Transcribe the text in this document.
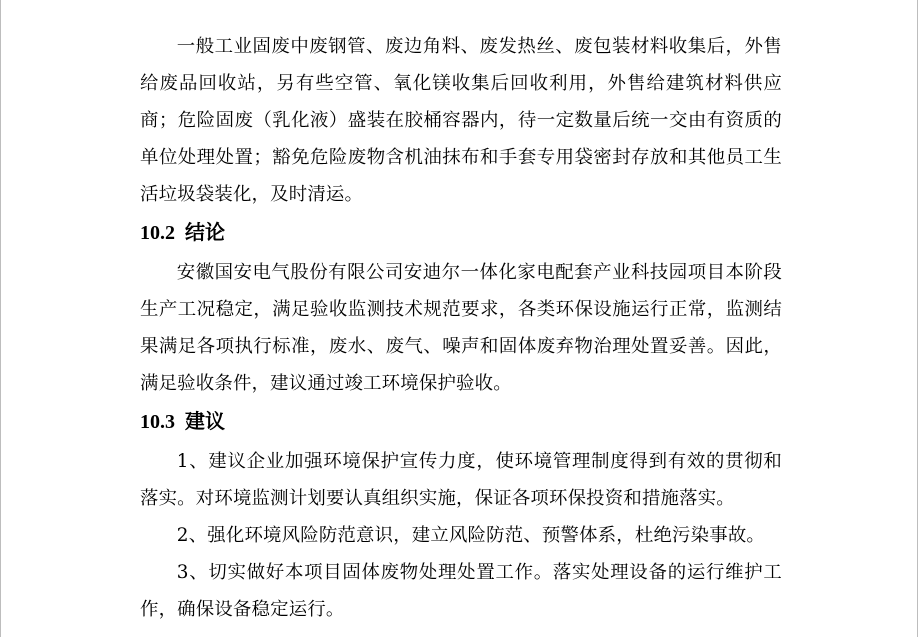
一般工业固废中废钢管、废边角料、废发热丝、废包装材料收集后，外售给废品回收站，另有些空管、氧化镁收集后回收利用，外售给建筑材料供应商；危险固废（乳化液）盛装在胶桶容器内，待一定数量后统一交由有资质的单位处理处置；豁免危险废物含机油抹布和手套专用袋密封存放和其他员工生活垃圾袋装化，及时清运。

10.2 结论

安徽国安电气股份有限公司安迪尔一体化家电配套产业科技园项目本阶段生产工况稳定，满足验收监测技术规范要求，各类环保设施运行正常，监测结果满足各项执行标准，废水、废气、噪声和固体废弃物治理处置妥善。因此，满足验收条件，建议通过竣工环境保护验收。

10.3 建议

1、建议企业加强环境保护宣传力度，使环境管理制度得到有效的贯彻和落实。对环境监测计划要认真组织实施，保证各项环保投资和措施落实。

2、强化环境风险防范意识，建立风险防范、预警体系，杜绝污染事故。

3、切实做好本项目固体废物处理处置工作。落实处理设备的运行维护工作，确保设备稳定运行。
